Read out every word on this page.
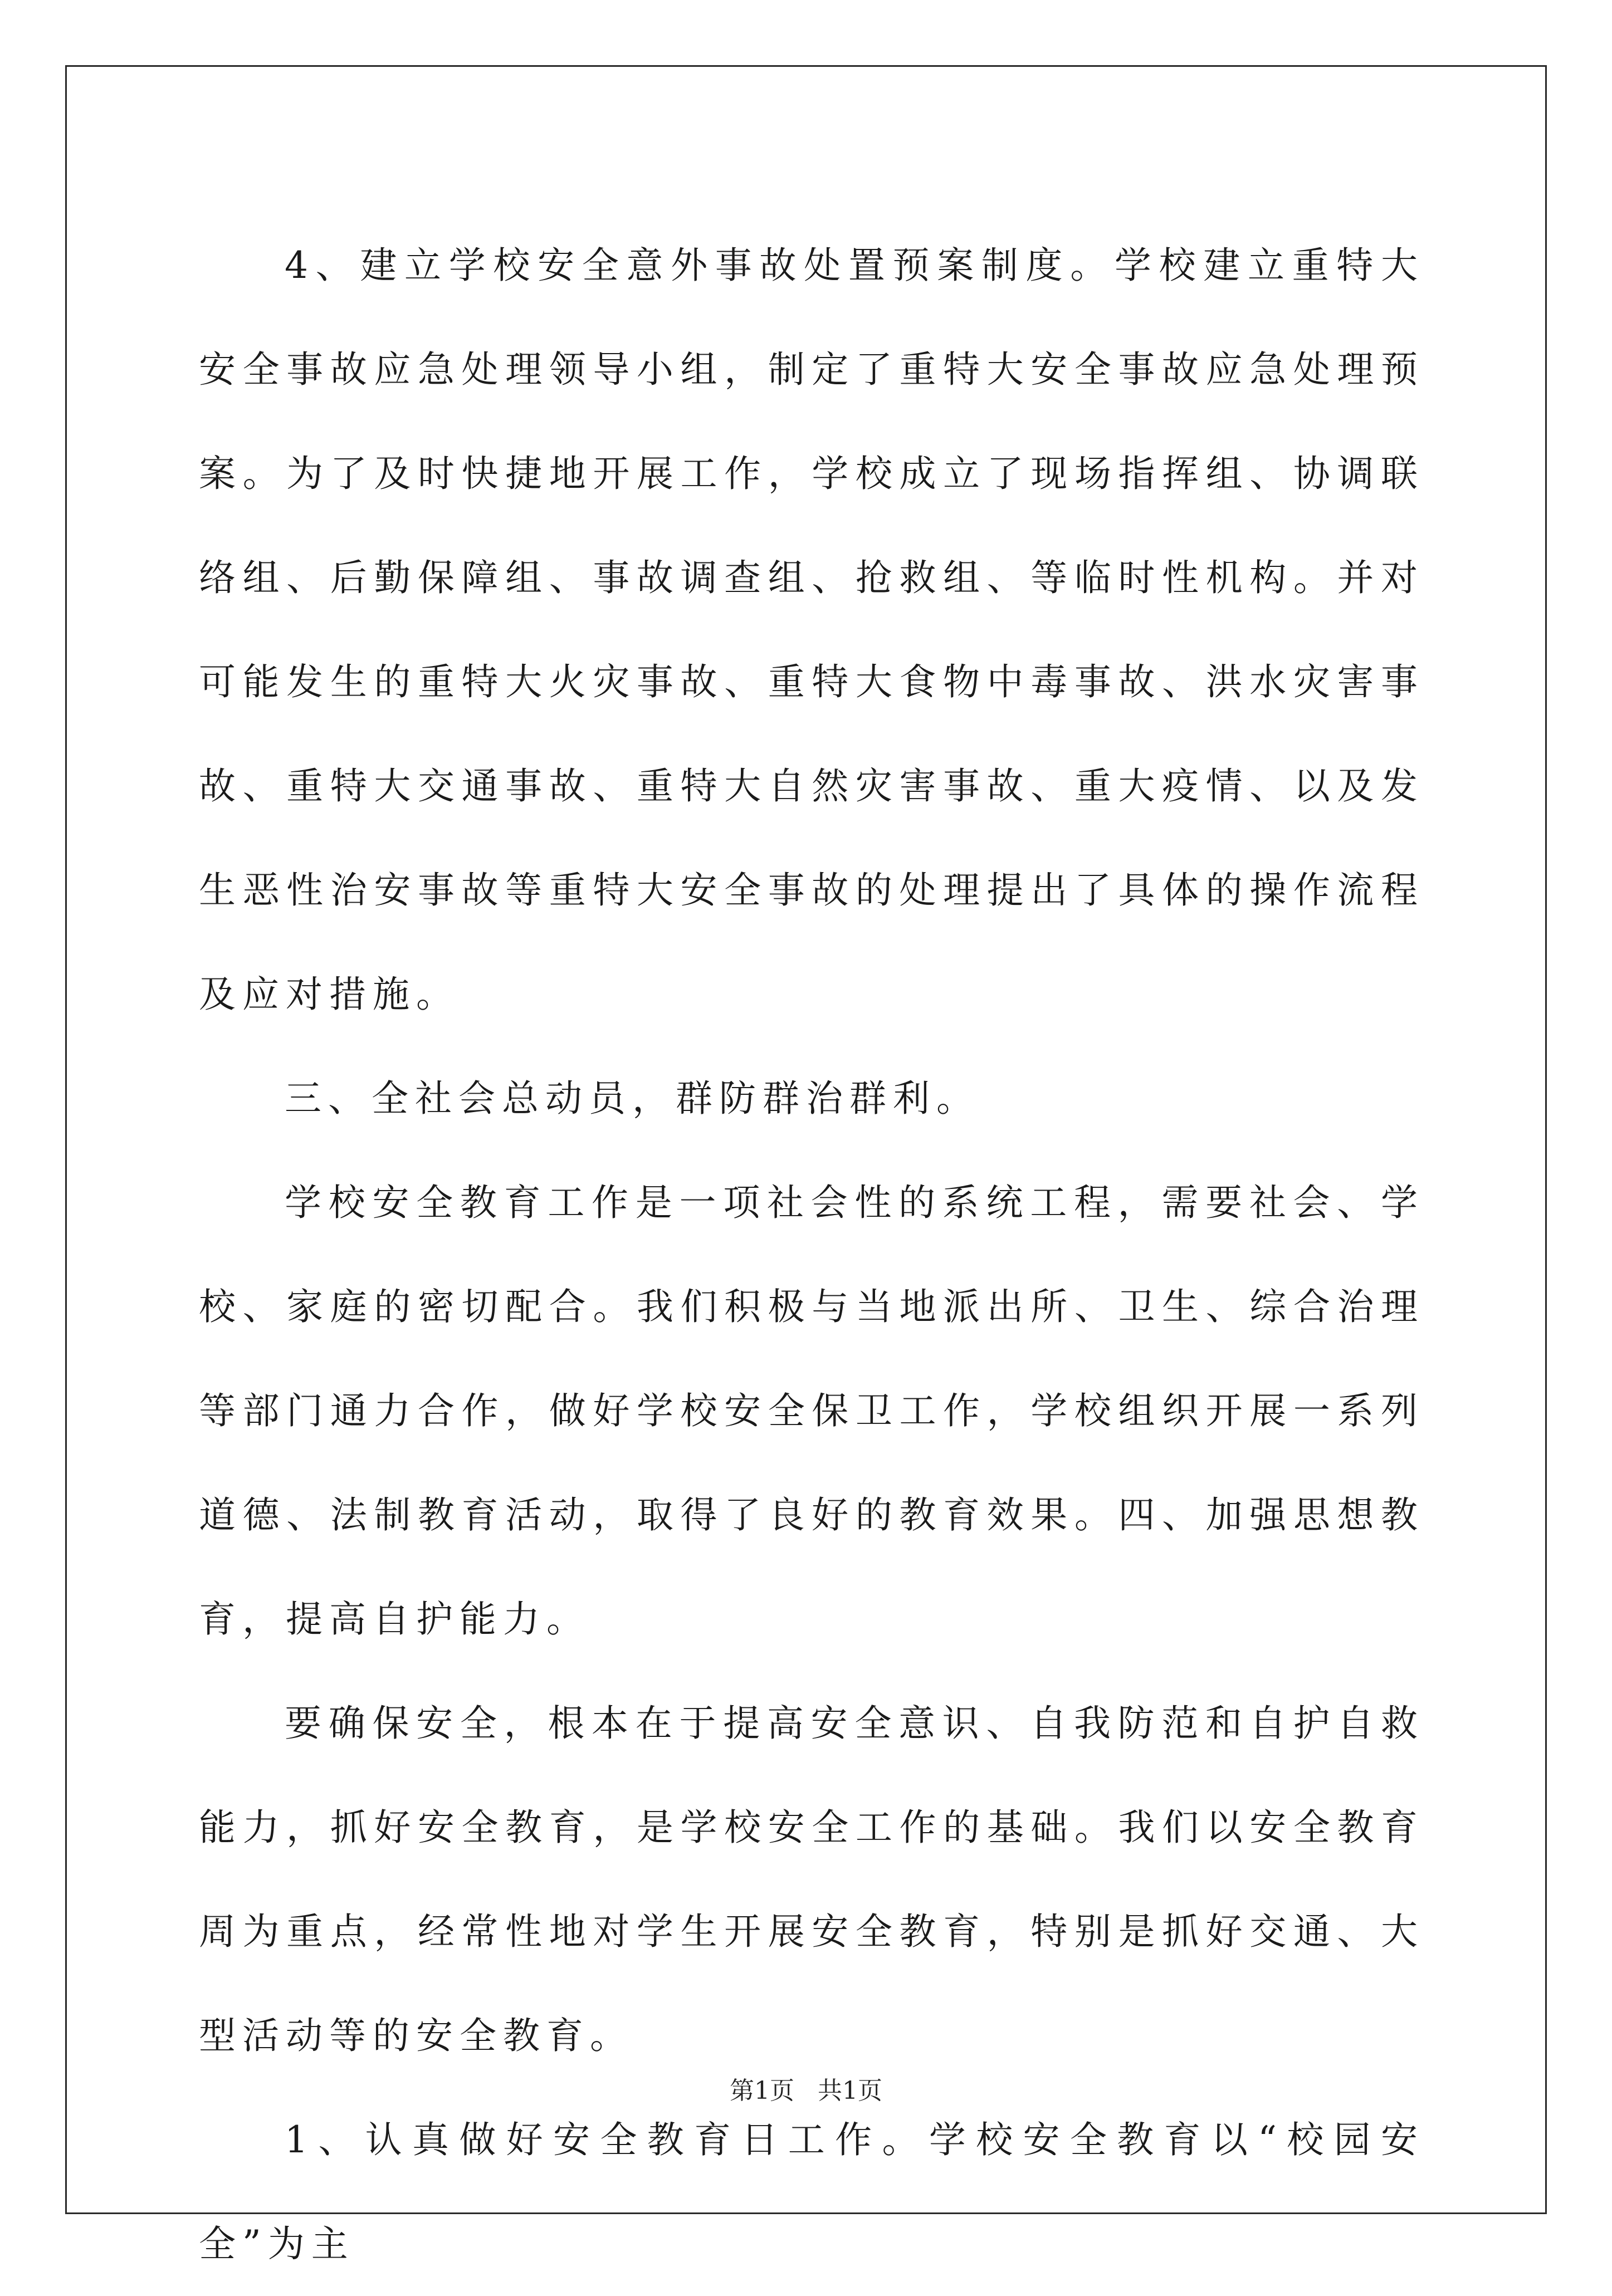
4、建立学校安全意外事故处置预案制度。学校建立重特大安全事故应急处理领导小组，制定了重特大安全事故应急处理预案。为了及时快捷地开展工作，学校成立了现场指挥组、协调联络组、后勤保障组、事故调查组、抢救组、等临时性机构。并对可能发生的重特大火灾事故、重特大食物中毒事故、洪水灾害事故、重特大交通事故、重特大自然灾害事故、重大疫情、以及发生恶性治安事故等重特大安全事故的处理提出了具体的操作流程及应对措施。

三、全社会总动员，群防群治群利。

学校安全教育工作是一项社会性的系统工程，需要社会、学校、家庭的密切配合。我们积极与当地派出所、卫生、综合治理等部门通力合作，做好学校安全保卫工作，学校组织开展一系列道德、法制教育活动，取得了良好的教育效果。四、加强思想教育，提高自护能力。

要确保安全，根本在于提高安全意识、自我防范和自护自救能力，抓好安全教育，是学校安全工作的基础。我们以安全教育周为重点，经常性地对学生开展安全教育，特别是抓好交通、大型活动等的安全教育。

1、认真做好安全教育日工作。学校安全教育以“校园安全”为主

第1页 共1页
